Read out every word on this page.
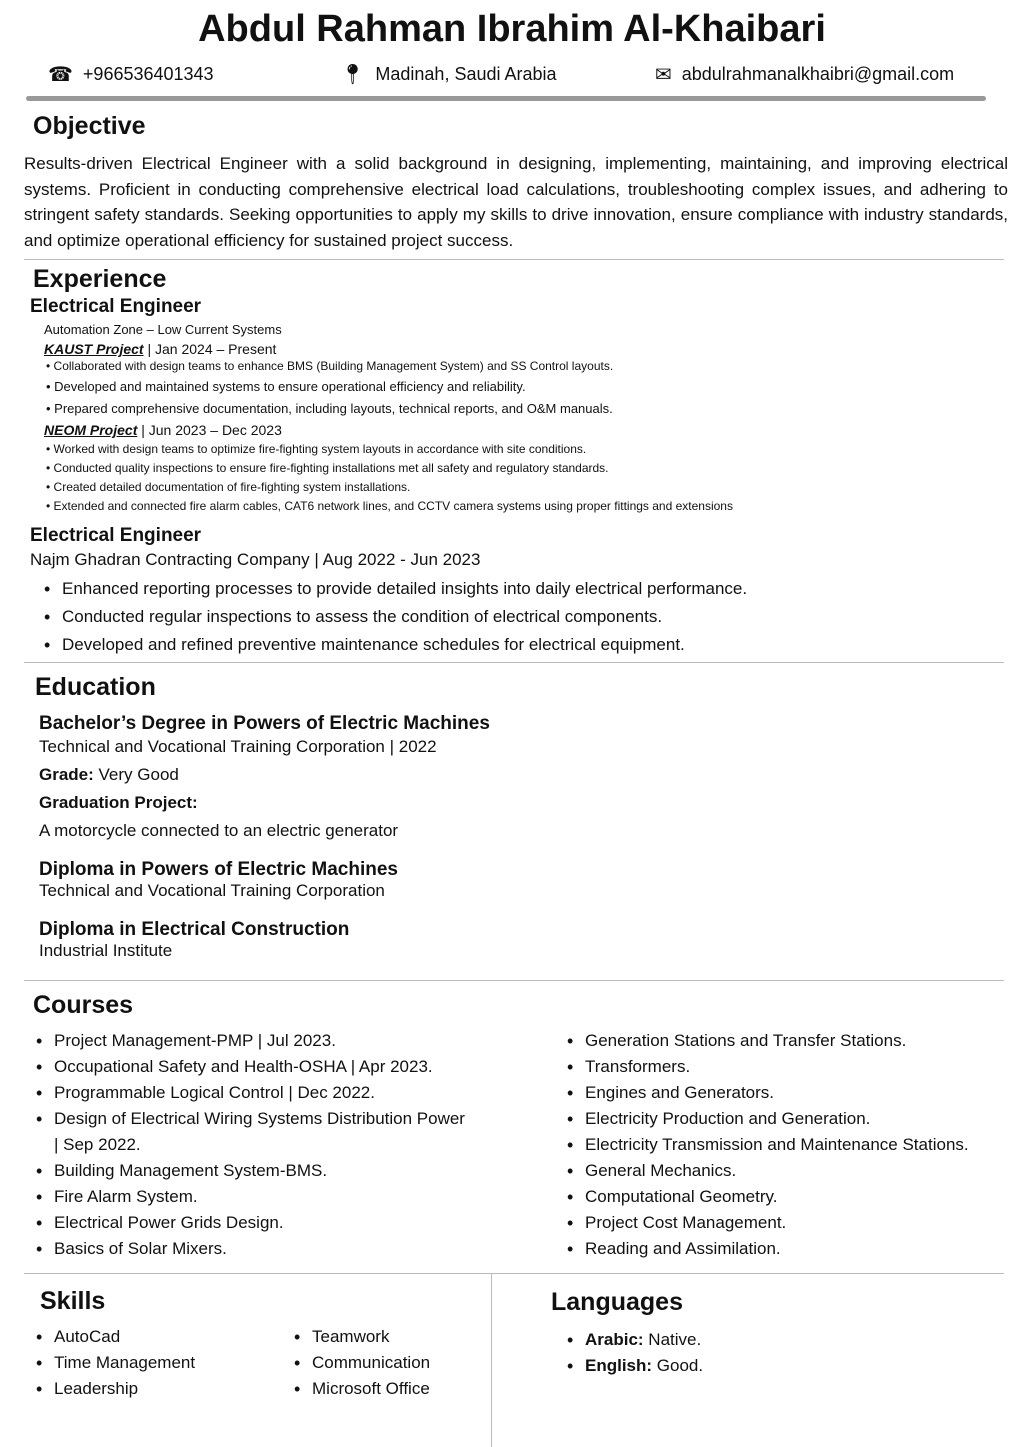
Abdul Rahman Ibrahim Al-Khaibari
☎ +966536401343	📍︎ Madinah, Saudi Arabia	✉ abdulrahmanalkhaibri@gmail.com
Objective
Results-driven Electrical Engineer with a solid background in designing, implementing, maintaining, and improving electrical systems. Proficient in conducting comprehensive electrical load calculations, troubleshooting complex issues, and adhering to stringent safety standards. Seeking opportunities to apply my skills to drive innovation, ensure compliance with industry standards, and optimize operational efficiency for sustained project success.
Experience
Electrical Engineer
Automation Zone – Low Current Systems
KAUST Project | Jan 2024 – Present
• Collaborated with design teams to enhance BMS (Building Management System) and SS Control layouts.
• Developed and maintained systems to ensure operational efficiency and reliability.
• Prepared comprehensive documentation, including layouts, technical reports, and O&M manuals.
NEOM Project | Jun 2023 – Dec 2023
• Worked with design teams to optimize fire-fighting system layouts in accordance with site conditions.
• Conducted quality inspections to ensure fire-fighting installations met all safety and regulatory standards.
• Created detailed documentation of fire-fighting system installations.
• Extended and connected fire alarm cables, CAT6 network lines, and CCTV camera systems using proper fittings and extensions
Electrical Engineer
Najm Ghadran Contracting Company | Aug 2022 - Jun 2023
• Enhanced reporting processes to provide detailed insights into daily electrical performance.
• Conducted regular inspections to assess the condition of electrical components.
• Developed and refined preventive maintenance schedules for electrical equipment.
Education
Bachelor’s Degree in Powers of Electric Machines
Technical and Vocational Training Corporation | 2022
Grade: Very Good
Graduation Project:
A motorcycle connected to an electric generator
Diploma in Powers of Electric Machines
Technical and Vocational Training Corporation
Diploma in Electrical Construction
Industrial Institute
Courses
• Project Management-PMP | Jul 2023.
• Occupational Safety and Health-OSHA | Apr 2023.
• Programmable Logical Control | Dec 2022.
• Design of Electrical Wiring Systems Distribution Power | Sep 2022.
• Building Management System-BMS.
• Fire Alarm System.
• Electrical Power Grids Design.
• Basics of Solar Mixers.
• Generation Stations and Transfer Stations.
• Transformers.
• Engines and Generators.
• Electricity Production and Generation.
• Electricity Transmission and Maintenance Stations.
• General Mechanics.
• Computational Geometry.
• Project Cost Management.
• Reading and Assimilation.
Skills
• AutoCad
• Time Management
• Leadership
• Teamwork
• Communication
• Microsoft Office
Languages
• Arabic: Native.
• English: Good.
